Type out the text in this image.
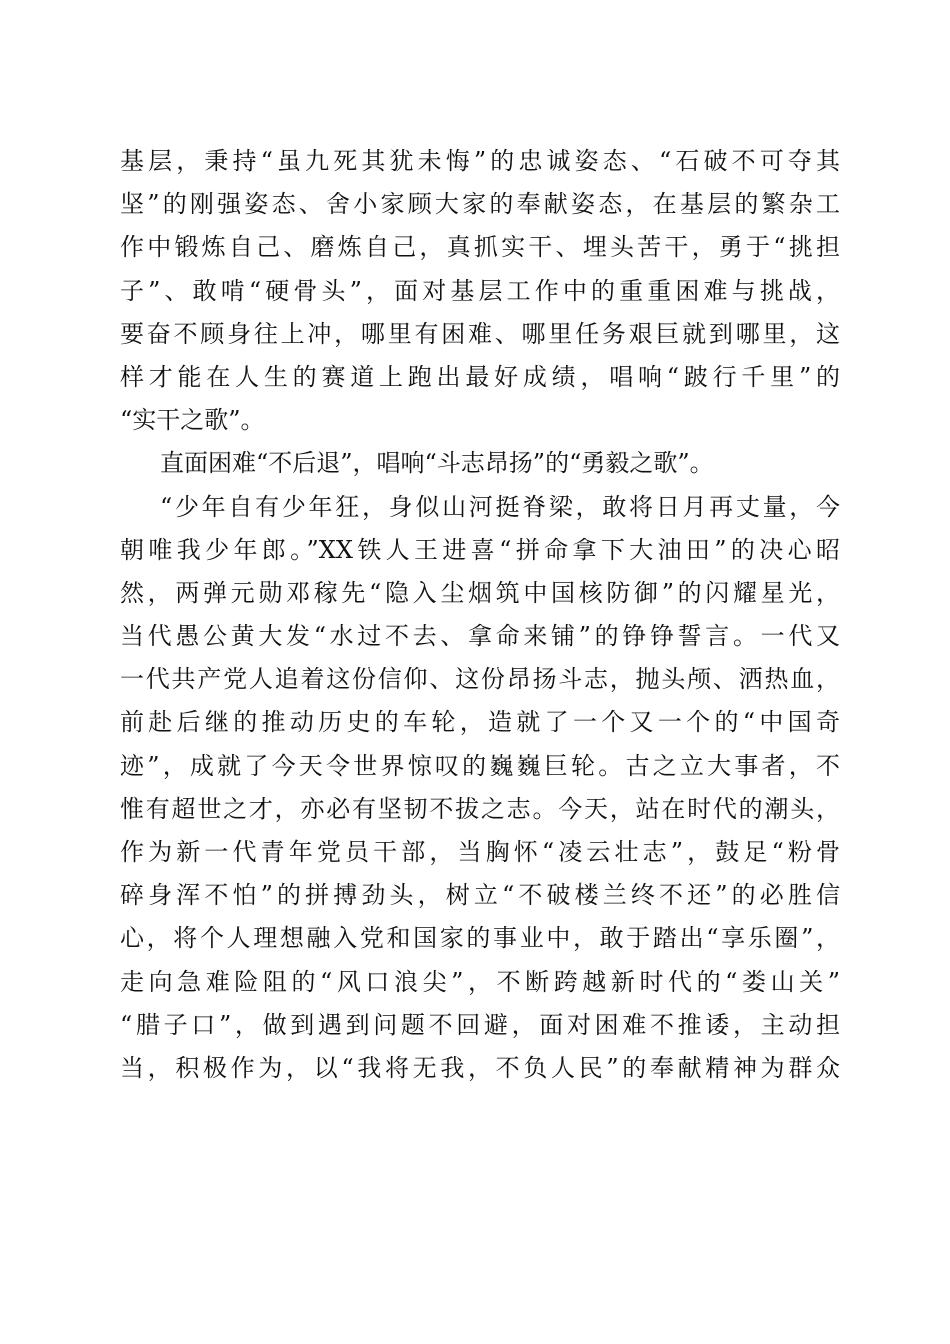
基层，秉持“虽九死其犹未悔”的忠诚姿态、“石破不可夺其
坚”的刚强姿态、舍小家顾大家的奉献姿态，在基层的繁杂工
作中锻炼自己、磨炼自己，真抓实干、埋头苦干，勇于“挑担
子”、敢啃“硬骨头”，面对基层工作中的重重困难与挑战，
要奋不顾身往上冲，哪里有困难、哪里任务艰巨就到哪里，这
样才能在人生的赛道上跑出最好成绩，唱响“跛行千里”的
“实干之歌”。
直面困难“不后退”，唱响“斗志昂扬”的“勇毅之歌”。
“少年自有少年狂，身似山河挺脊梁，敢将日月再丈量，今
朝唯我少年郎。”XX铁人王进喜“拼命拿下大油田”的决心昭
然，两弹元勋邓稼先“隐入尘烟筑中国核防御”的闪耀星光，
当代愚公黄大发“水过不去、拿命来铺”的铮铮誓言。一代又
一代共产党人追着这份信仰、这份昂扬斗志，抛头颅、洒热血，
前赴后继的推动历史的车轮，造就了一个又一个的“中国奇
迹”，成就了今天令世界惊叹的巍巍巨轮。古之立大事者，不
惟有超世之才，亦必有坚韧不拔之志。今天，站在时代的潮头，
作为新一代青年党员干部，当胸怀“凌云壮志”，鼓足“粉骨
碎身浑不怕”的拼搏劲头，树立“不破楼兰终不还”的必胜信
心，将个人理想融入党和国家的事业中，敢于踏出“享乐圈”，
走向急难险阻的“风口浪尖”，不断跨越新时代的“娄山关”
“腊子口”，做到遇到问题不回避，面对困难不推诿，主动担
当，积极作为，以“我将无我，不负人民”的奉献精神为群众
